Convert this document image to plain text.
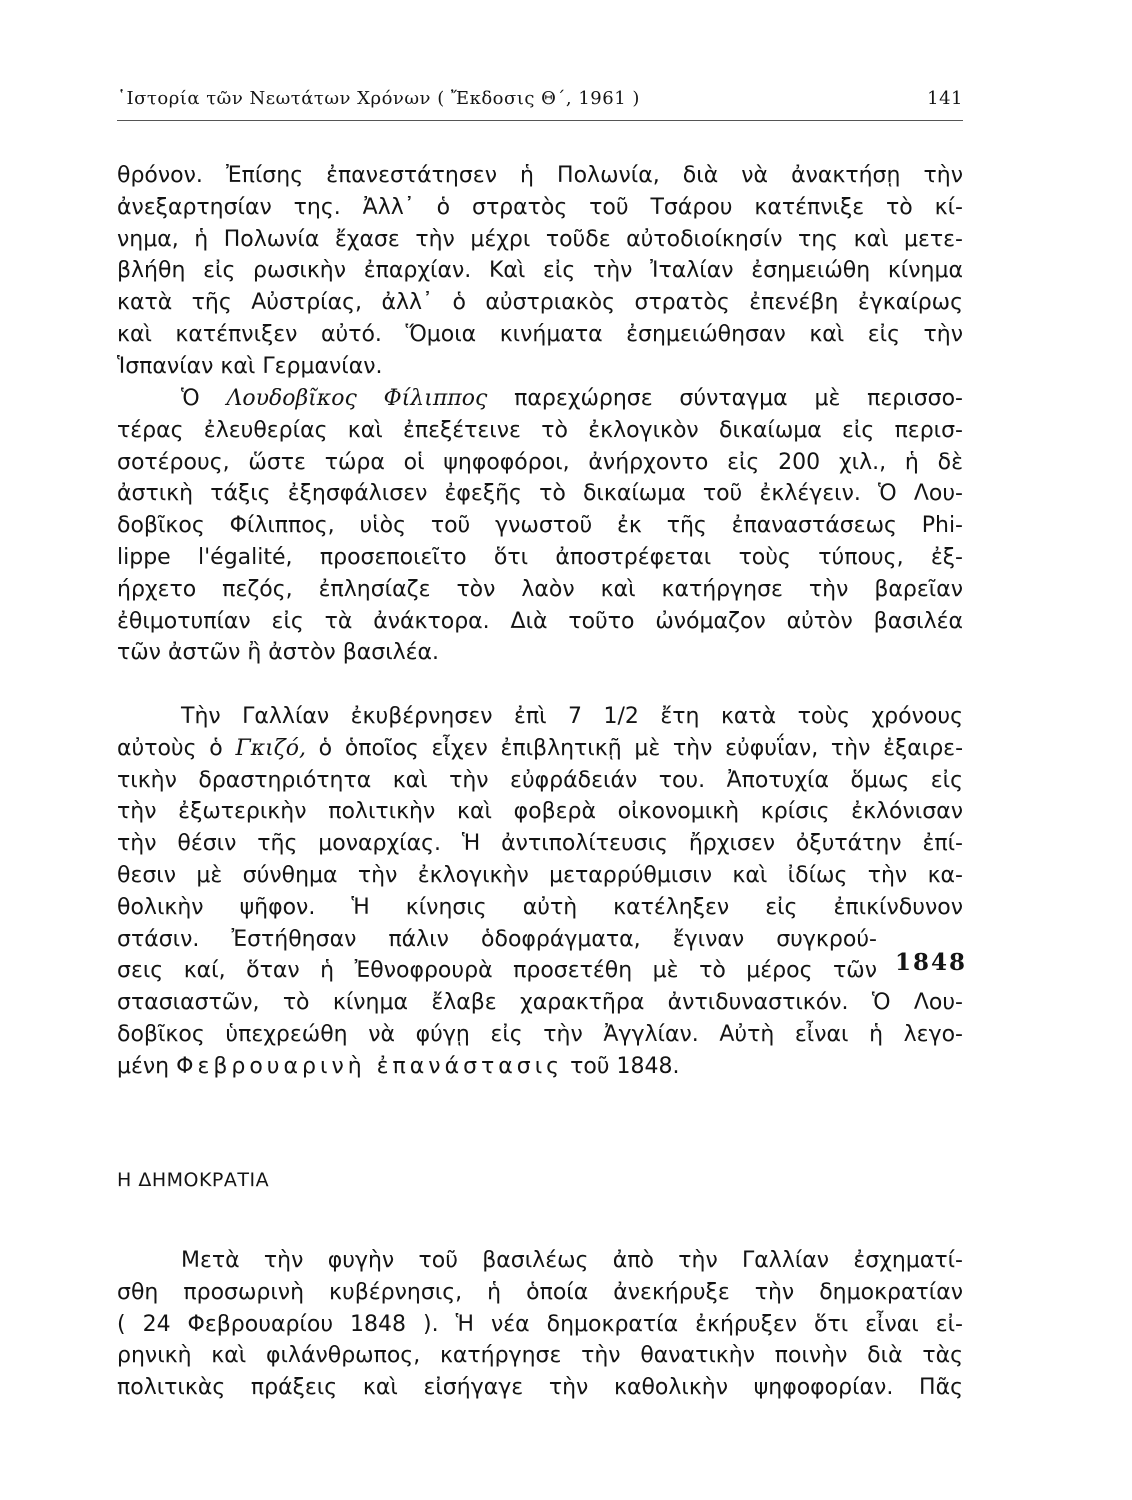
῾Ιστορία τῶν Νεωτάτων Χρόνων ( Ἔκδοσις Θ΄, 1961 )	141
θρόνον. Ἐπίσης ἐπανεστάτησεν ἡ Πολωνία, διὰ νὰ ἀνακτήσῃ τὴν
ἀνεξαρτησίαν της. Ἀλλ᾽ ὁ στρατὸς τοῦ Τσάρου κατέπνιξε τὸ κί-
νημα, ἡ Πολωνία ἔχασε τὴν μέχρι τοῦδε αὐτοδιοίκησίν της καὶ μετε-
βλήθη εἰς ρωσικὴν ἐπαρχίαν. Καὶ εἰς τὴν Ἰταλίαν ἐσημειώθη κίνημα
κατὰ τῆς Αὐστρίας, ἀλλ᾽ ὁ αὐστριακὸς στρατὸς ἐπενέβη ἐγκαίρως
καὶ κατέπνιξεν αὐτό. Ὅμοια κινήματα ἐσημειώθησαν καὶ εἰς τὴν
Ἱσπανίαν καὶ Γερμανίαν.
Ὁ Λουδοβῖκος Φίλιππος παρεχώρησε σύνταγμα μὲ περισσο-
τέρας ἐλευθερίας καὶ ἐπεξέτεινε τὸ ἐκλογικὸν δικαίωμα εἰς περισ-
σοτέρους, ὥστε τώρα οἱ ψηφοφόροι, ἀνήρχοντο εἰς 200 χιλ., ἡ δὲ
ἀστικὴ τάξις ἐξησφάλισεν ἐφεξῆς τὸ δικαίωμα τοῦ ἐκλέγειν. Ὁ Λου-
δοβῖκος Φίλιππος, υἱὸς τοῦ γνωστοῦ ἐκ τῆς ἐπαναστάσεως Phi-
lippe l'égalité, προσεποιεῖτο ὅτι ἀποστρέφεται τοὺς τύπους, ἐξ-
ήρχετο πεζός, ἐπλησίαζε τὸν λαὸν καὶ κατήργησε τὴν βαρεῖαν
ἐθιμοτυπίαν εἰς τὰ ἀνάκτορα. Διὰ τοῦτο ὠνόμαζον αὐτὸν βασιλέα
τῶν ἀστῶν ἢ ἀστὸν βασιλέα.
Τὴν Γαλλίαν ἐκυβέρνησεν ἐπὶ 7 1/2 ἔτη κατὰ τοὺς χρόνους
αὐτοὺς ὁ Γκιζό, ὁ ὁποῖος εἶχεν ἐπιβλητικῇ μὲ τὴν εὐφυΐαν, τὴν ἐξαιρε-
τικὴν δραστηριότητα καὶ τὴν εὐφράδειάν του. Ἀποτυχία ὅμως εἰς
τὴν ἐξωτερικὴν πολιτικὴν καὶ φοβερὰ οἰκονομικὴ κρίσις ἐκλόνισαν
τὴν θέσιν τῆς μοναρχίας. Ἡ ἀντιπολίτευσις ἤρχισεν ὀξυτάτην ἐπί-
θεσιν μὲ σύνθημα τὴν ἐκλογικὴν μεταρρύθμισιν καὶ ἰδίως τὴν κα-
θολικὴν ψῆφον. Ἡ κίνησις αὐτὴ κατέληξεν εἰς ἐπικίνδυνον
στάσιν. Ἐστήθησαν πάλιν ὁδοφράγματα, ἔγιναν συγκρού-
σεις καί, ὅταν ἡ Ἐθνοφρουρὰ προσετέθη μὲ τὸ μέρος τῶν
στασιαστῶν, τὸ κίνημα ἔλαβε χαρακτῆρα ἀντιδυναστικόν. Ὁ Λου-
δοβῖκος ὑπεχρεώθη νὰ φύγῃ εἰς τὴν Ἀγγλίαν. Αὐτὴ εἶναι ἡ λεγο-
μένη Φεβρουαρινὴ ἐπανάστασις τοῦ 1848.
1848
Η ΔΗΜΟΚΡΑΤΙΑ
Μετὰ τὴν φυγὴν τοῦ βασιλέως ἀπὸ τὴν Γαλλίαν ἐσχηματί-
σθη προσωρινὴ κυβέρνησις, ἡ ὁποία ἀνεκήρυξε τὴν δημοκρατίαν
( 24 Φεβρουαρίου 1848 ). Ἡ νέα δημοκρατία ἐκήρυξεν ὅτι εἶναι εἰ-
ρηνικὴ καὶ φιλάνθρωπος, κατήργησε τὴν θανατικὴν ποινὴν διὰ τὰς
πολιτικὰς πράξεις καὶ εἰσήγαγε τὴν καθολικὴν ψηφοφορίαν. Πᾶς
